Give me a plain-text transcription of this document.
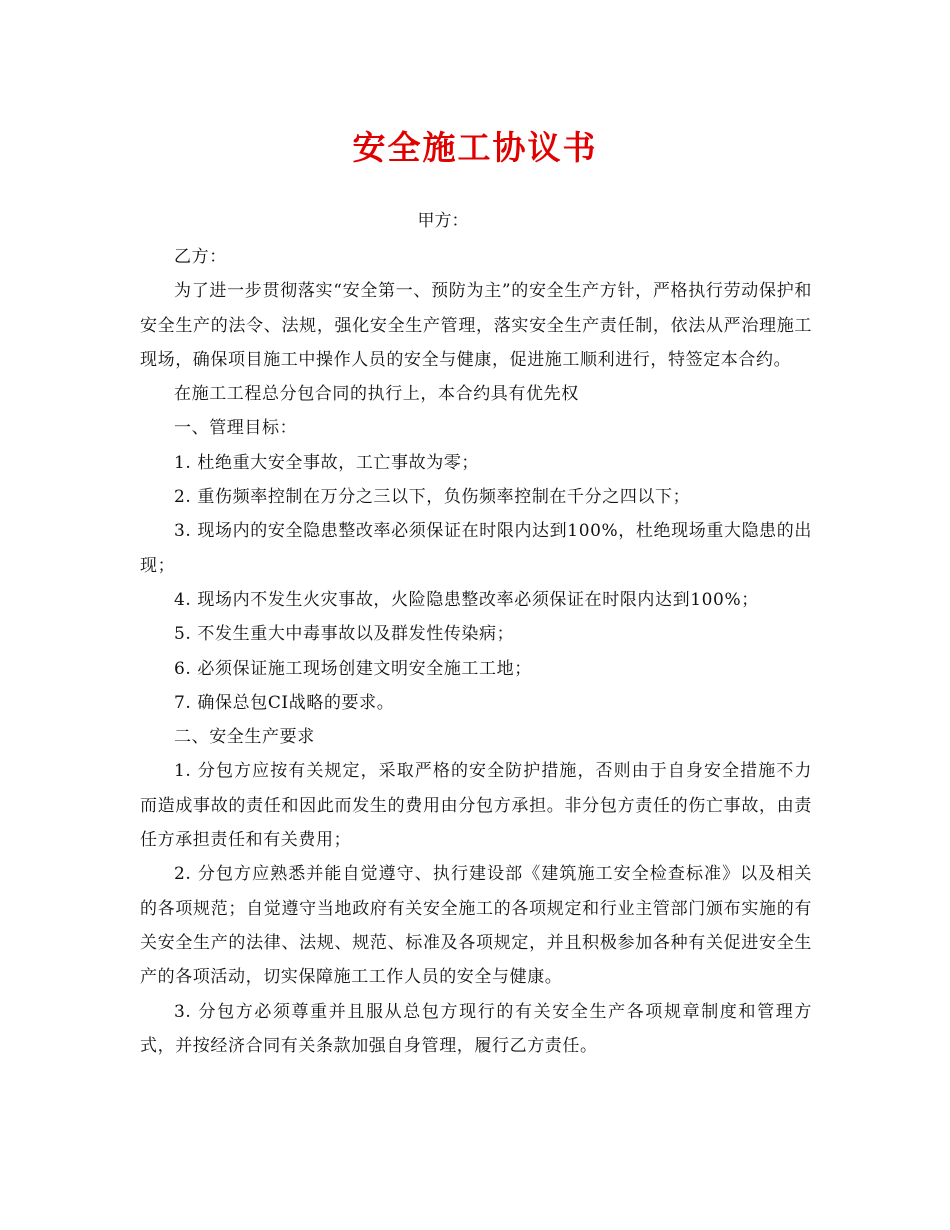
安全施工协议书
甲方：

乙方：

为了进一步贯彻落实“安全第一、预防为主”的安全生产方针，严格执行劳动保护和安全生产的法令、法规，强化安全生产管理，落实安全生产责任制，依法从严治理施工现场，确保项目施工中操作人员的安全与健康，促进施工顺利进行，特签定本合约。

在施工工程总分包合同的执行上，本合约具有优先权

一、管理目标：

1. 杜绝重大安全事故，工亡事故为零；

2. 重伤频率控制在万分之三以下，负伤频率控制在千分之四以下；

3. 现场内的安全隐患整改率必须保证在时限内达到100%，杜绝现场重大隐患的出现；

4. 现场内不发生火灾事故，火险隐患整改率必须保证在时限内达到100%；

5. 不发生重大中毒事故以及群发性传染病；

6. 必须保证施工现场创建文明安全施工工地；

7. 确保总包CI战略的要求。

二、安全生产要求

1. 分包方应按有关规定，采取严格的安全防护措施，否则由于自身安全措施不力而造成事故的责任和因此而发生的费用由分包方承担。非分包方责任的伤亡事故，由责任方承担责任和有关费用；

2. 分包方应熟悉并能自觉遵守、执行建设部《建筑施工安全检查标准》以及相关的各项规范；自觉遵守当地政府有关安全施工的各项规定和行业主管部门颁布实施的有关安全生产的法律、法规、规范、标准及各项规定，并且积极参加各种有关促进安全生产的各项活动，切实保障施工工作人员的安全与健康。

3. 分包方必须尊重并且服从总包方现行的有关安全生产各项规章制度和管理方式，并按经济合同有关条款加强自身管理，履行乙方责任。
